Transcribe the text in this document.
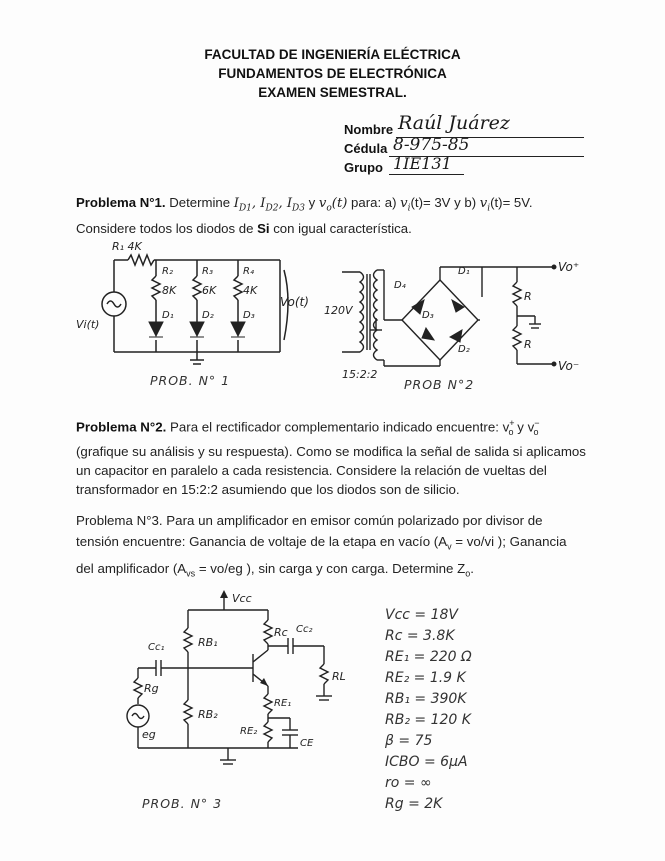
FACULTAD DE INGENIERÍA ELÉCTRICA
FUNDAMENTOS DE ELECTRÓNICA
EXAMEN SEMESTRAL.
Nombre Raúl Juárez
Cédula 8-975-85
Grupo 1IE131
Problema N°1. Determine $I_{D1}$, $I_{D2}$, $I_{D3}$ y $v_o(t)$ para: a) $v_i(t)= 3V$ y b) $v_i(t)= 5V$.
Considere todos los diodos de Si con igual característica.
R₁ 4K
R₂
8K
R₃
6K
R₄
4K
D₁	D₂	D₃
Vi(t)
Vo(t)
PROB. N° 1
120V
15:2:2
D₄
D₁
D₃
D₂
R
R
Vo⁺
Vo⁻
PROB N°2
Problema N°2. Para el rectificador complementario indicado encuentre: $v^+_o$ y $v^-_o$
(grafique su análisis y su respuesta). Como se modifica la señal de salida si aplicamos
un capacitor en paralelo a cada resistencia. Considere la relación de vueltas del
transformador en 15:2:2 asumiendo que los diodos son de silicio.
Problema N°3. Para un amplificador en emisor común polarizado por divisor de
tensión encuentre: Ganancia de voltaje de la etapa en vacío ($A_v = vo/vi$ ); Ganancia
del amplificador ($A_{vs} = vo/eg$ ), sin carga y con carga. Determine $Z_o$.
Vcc
RB₁
RB₂
Rc
Cc₁
Cc₂
Rg
eg
RL
RE₁
RE₂
CE
PROB. N° 3
Vcc = 18V
Rc = 3.8K
RE₁ = 220 Ω
RE₂ = 1.9 K
RB₁ = 390K
RB₂ = 120 K
β = 75
ICBO = 6μA
ro = ∞
Rg = 2K
